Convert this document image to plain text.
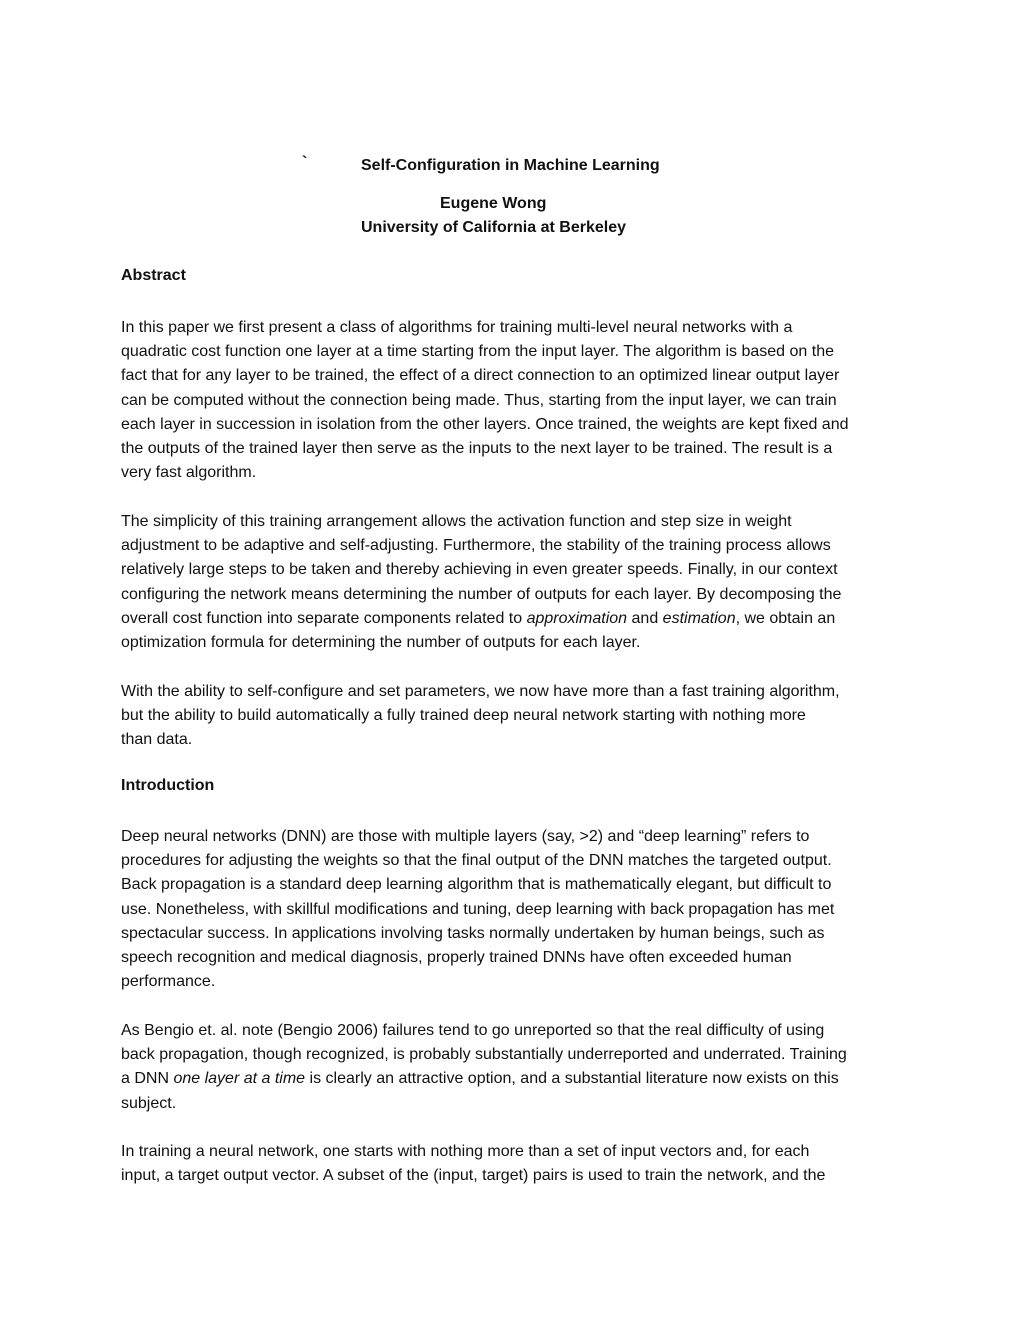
`	Self-Configuration in Machine Learning
Eugene Wong
University of California at Berkeley
Abstract
In this paper we first present a class of algorithms for training multi-level neural networks with a
quadratic cost function one layer at a time starting from the input layer. The algorithm is based on the
fact that for any layer to be trained, the effect of a direct connection to an optimized linear output layer
can be computed without the connection being made. Thus, starting from the input layer, we can train
each layer in succession in isolation from the other layers. Once trained, the weights are kept fixed and
the outputs of the trained layer then serve as the inputs to the next layer to be trained. The result is a
very fast algorithm.
The simplicity of this training arrangement allows the activation function and step size in weight
adjustment to be adaptive and self-adjusting. Furthermore, the stability of the training process allows
relatively large steps to be taken and thereby achieving in even greater speeds. Finally, in our context
configuring the network means determining the number of outputs for each layer. By decomposing the
overall cost function into separate components related to approximation and estimation, we obtain an
optimization formula for determining the number of outputs for each layer.
With the ability to self-configure and set parameters, we now have more than a fast training algorithm,
but the ability to build automatically a fully trained deep neural network starting with nothing more
than data.
Introduction
Deep neural networks (DNN) are those with multiple layers (say, >2) and “deep learning” refers to
procedures for adjusting the weights so that the final output of the DNN matches the targeted output.
Back propagation is a standard deep learning algorithm that is mathematically elegant, but difficult to
use. Nonetheless, with skillful modifications and tuning, deep learning with back propagation has met
spectacular success. In applications involving tasks normally undertaken by human beings, such as
speech recognition and medical diagnosis, properly trained DNNs have often exceeded human
performance.
As Bengio et. al. note (Bengio 2006) failures tend to go unreported so that the real difficulty of using
back propagation, though recognized, is probably substantially underreported and underrated. Training
a DNN one layer at a time is clearly an attractive option, and a substantial literature now exists on this
subject.
In training a neural network, one starts with nothing more than a set of input vectors and, for each
input, a target output vector. A subset of the (input, target) pairs is used to train the network, and the
